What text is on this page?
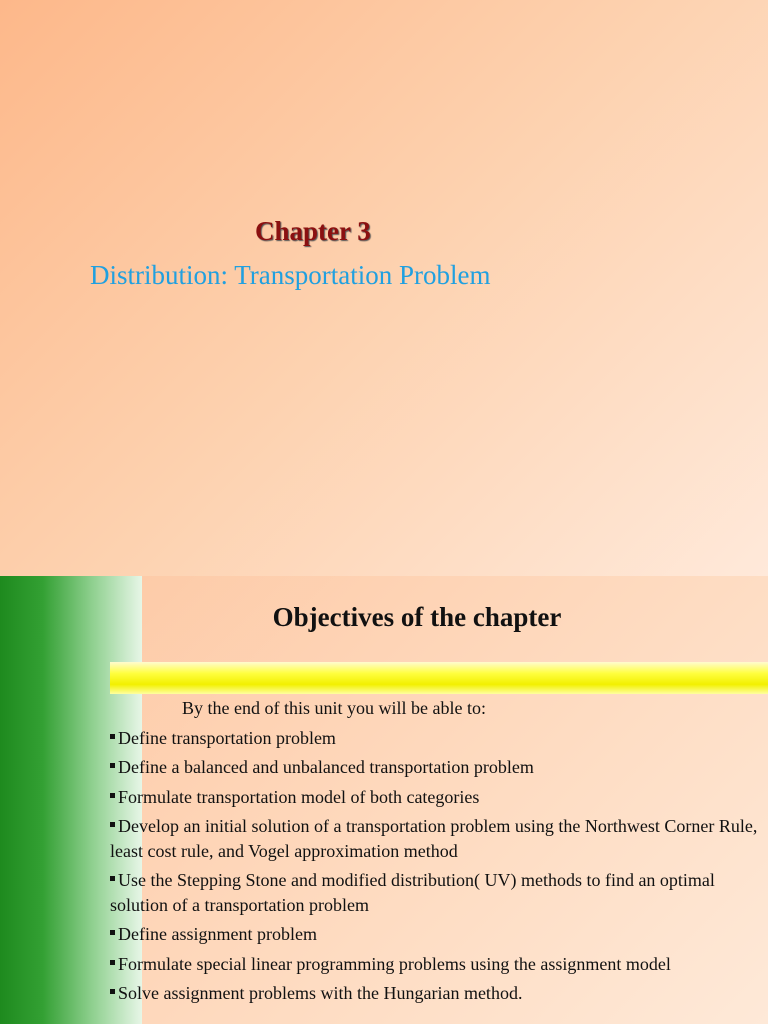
Chapter 3
Distribution: Transportation Problem
Objectives of the chapter
By the end of this unit you will be able to:
Define transportation problem
Define a balanced and unbalanced transportation problem
Formulate transportation model of both categories
Develop an initial solution of a transportation problem using the Northwest Corner Rule, least cost rule, and Vogel approximation method
Use the Stepping Stone and modified distribution( UV) methods to find an optimal solution of a transportation problem
Define assignment problem
Formulate special linear programming problems using the assignment model
Solve assignment problems with the Hungarian method.
